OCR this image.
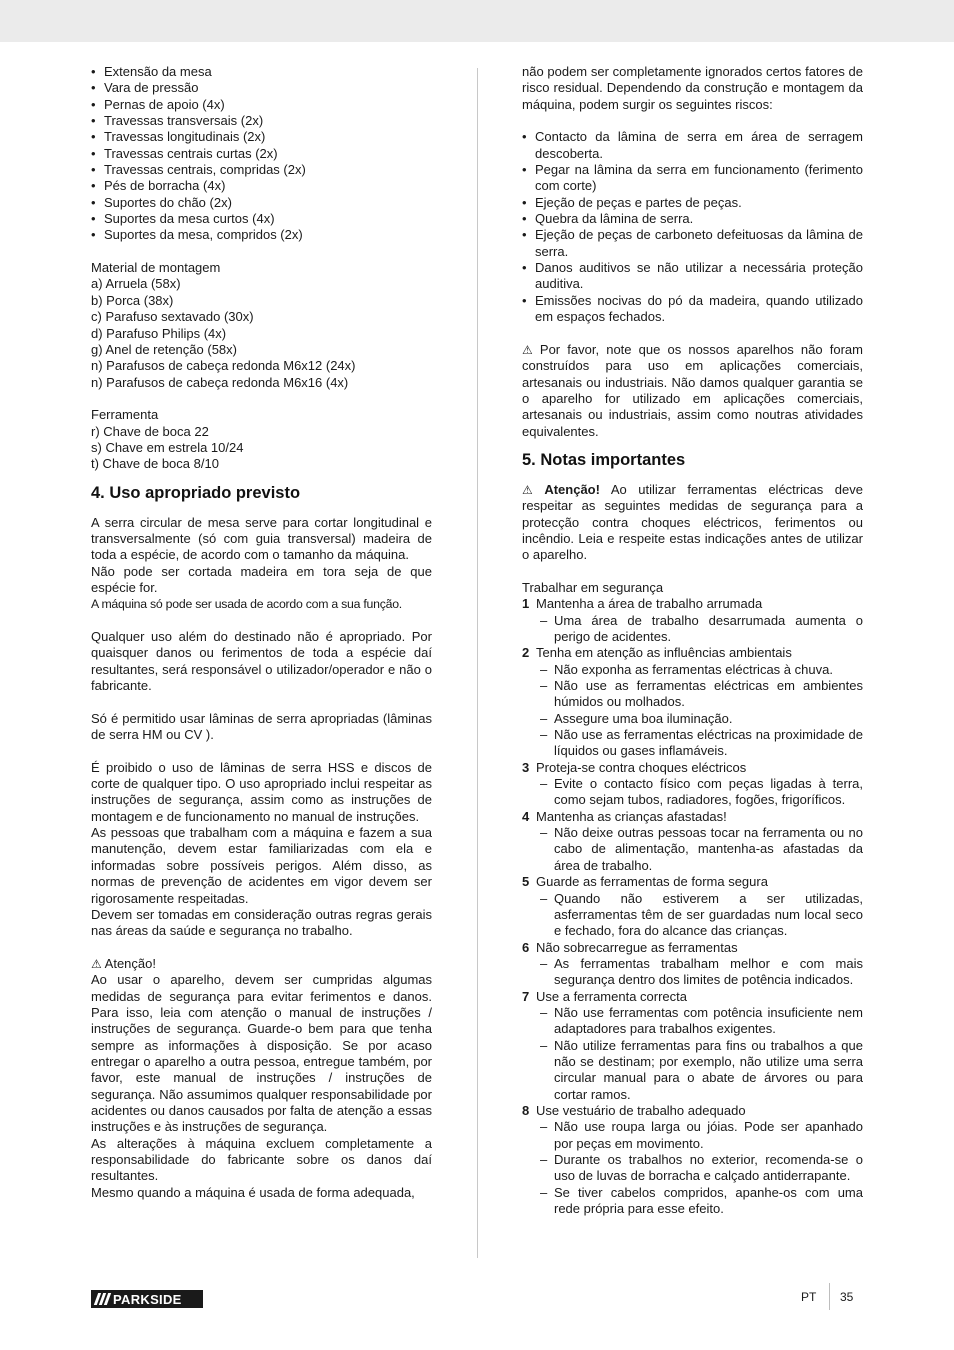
• Extensão da mesa
• Vara de pressão
• Pernas de apoio (4x)
• Travessas transversais (2x)
• Travessas longitudinais (2x)
• Travessas centrais curtas (2x)
• Travessas centrais, compridas (2x)
• Pés de borracha (4x)
• Suportes do chão (2x)
• Suportes da mesa curtos (4x)
• Suportes da mesa, compridos (2x)

Material de montagem

a) Arruela (58x)
b) Porca (38x)
c) Parafuso sextavado (30x)
d) Parafuso Philips (4x)
g) Anel de retenção (58x)
n) Parafusos de cabeça redonda M6x12 (24x)
n) Parafusos de cabeça redonda M6x16 (4x)

Ferramenta

r) Chave de boca 22
s) Chave em estrela 10/24
t) Chave de boca 8/10
4. Uso apropriado previsto

A serra circular de mesa serve para cortar longitudinal e transversalmente (só com guia transversal) madeira de toda a espécie, de acordo com o tamanho da máquina.

Não pode ser cortada madeira em tora seja de que espécie for.

A máquina só pode ser usada de acordo com a sua função.

Qualquer uso além do destinado não é apropriado. Por quaisquer danos ou ferimentos de toda a espécie daí resultantes, será responsável o utilizador/operador e não o fabricante.

Só é permitido usar lâminas de serra apropriadas (lâminas de serra HM ou CV ).

É proibido o uso de lâminas de serra HSS e discos de corte de qualquer tipo. O uso apropriado inclui respeitar as instruções de segurança, assim como as instruções de montagem e de funcionamento no manual de instruções.

As pessoas que trabalham com a máquina e fazem a sua manutenção, devem estar familiarizadas com ela e informadas sobre possíveis perigos. Além disso, as normas de prevenção de acidentes em vigor devem ser rigorosamente respeitadas.

Devem ser tomadas em consideração outras regras gerais nas áreas da saúde e segurança no trabalho.

⚠ Atenção!

Ao usar o aparelho, devem ser cumpridas algumas medidas de segurança para evitar ferimentos e danos. Para isso, leia com atenção o manual de instruções / instruções de segurança. Guarde-o bem para que tenha sempre as informações à disposição. Se por acaso entregar o aparelho a outra pessoa, entregue também, por favor, este manual de instruções / instruções de segurança. Não assumimos qualquer responsabilidade por acidentes ou danos causados por falta de atenção a essas instruções e às instruções de segurança.

As alterações à máquina excluem completamente a responsabilidade do fabricante sobre os danos daí resultantes.

Mesmo quando a máquina é usada de forma adequada,

não podem ser completamente ignorados certos fatores de risco residual. Dependendo da construção e montagem da máquina, podem surgir os seguintes riscos:

• Contacto da lâmina de serra em área de serragem descoberta.
• Pegar na lâmina da serra em funcionamento (ferimento com corte)
• Ejeção de peças e partes de peças.
• Quebra da lâmina de serra.
• Ejeção de peças de carboneto defeituosas da lâmina de serra.
• Danos auditivos se não utilizar a necessária proteção auditiva.
• Emissões nocivas do pó da madeira, quando utilizado em espaços fechados.

⚠ Por favor, note que os nossos aparelhos não foram construídos para uso em aplicações comerciais, artesanais ou industriais. Não damos qualquer garantia se o aparelho for utilizado em aplicações comerciais, artesanais ou industriais, assim como noutras atividades equivalentes.

5. Notas importantes

⚠ Atenção! Ao utilizar ferramentas eléctricas deve respeitar as seguintes medidas de segurança para a protecção contra choques eléctricos, ferimentos ou incêndio. Leia e respeite estas indicações antes de utilizar o aparelho.

Trabalhar em segurança

1 Mantenha a área de trabalho arrumada
– Uma área de trabalho desarrumada aumenta o perigo de acidentes.
2 Tenha em atenção as influências ambientais
– Não exponha as ferramentas eléctricas à chuva.
– Não use as ferramentas eléctricas em ambientes húmidos ou molhados.
– Assegure uma boa iluminação.
– Não use as ferramentas eléctricas na proximidade de líquidos ou gases inflamáveis.
3 Proteja-se contra choques eléctricos
– Evite o contacto físico com peças ligadas à terra, como sejam tubos, radiadores, fogões, frigoríficos.
4 Mantenha as crianças afastadas!
– Não deixe outras pessoas tocar na ferramenta ou no cabo de alimentação, mantenha-as afastadas da área de trabalho.
5 Guarde as ferramentas de forma segura
– Quando não estiverem a ser utilizadas, asferramentas têm de ser guardadas num local seco e fechado, fora do alcance das crianças.
6 Não sobrecarregue as ferramentas
– As ferramentas trabalham melhor e com mais segurança dentro dos limites de potência indicados.
7 Use a ferramenta correcta
– Não use ferramentas com potência insuficiente nem adaptadores para trabalhos exigentes.
– Não utilize ferramentas para fins ou trabalhos a que não se destinam; por exemplo, não utilize uma serra circular manual para o abate de árvores ou para cortar ramos.
8 Use vestuário de trabalho adequado
– Não use roupa larga ou jóias. Pode ser apanhado por peças em movimento.
– Durante os trabalhos no exterior, recomenda-se o uso de luvas de borracha e calçado antiderrapante.
– Se tiver cabelos compridos, apanhe-os com uma rede própria para esse efeito.
PARKSIDE	PT 35
